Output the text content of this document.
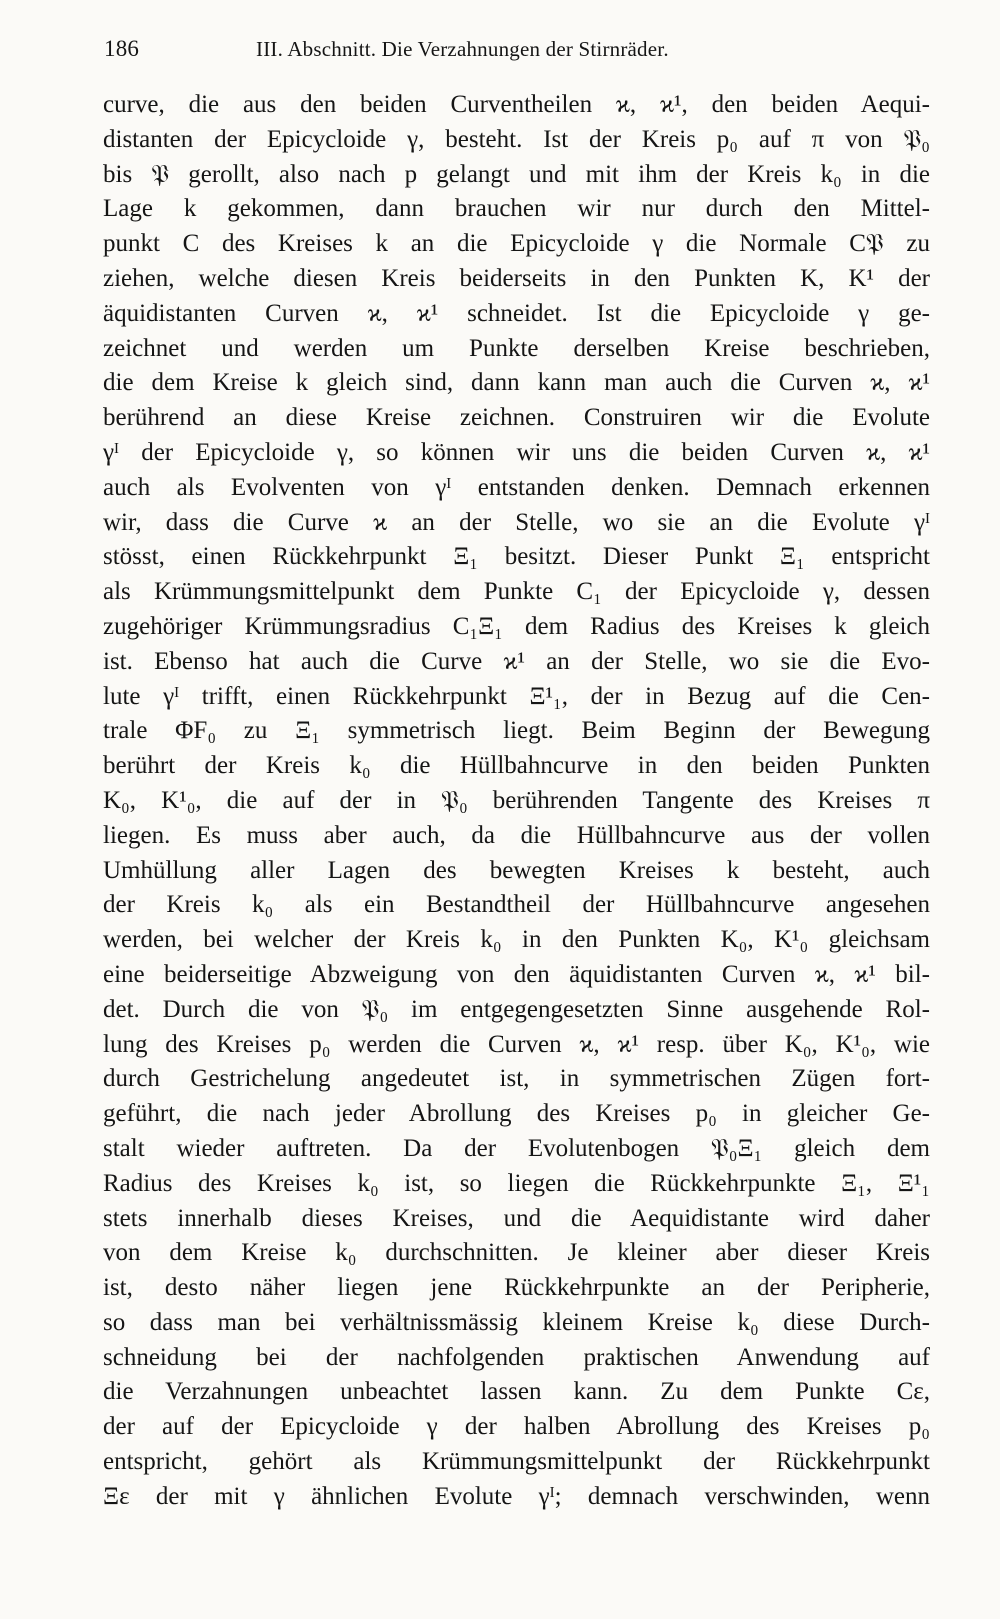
186	III. Abschnitt. Die Verzahnungen der Stirnräder.
curve, die aus den beiden Curventheilen ϰ, ϰ¹, den beiden Aequi-
distanten der Epicycloide γ, besteht. Ist der Kreis p₀ auf π von 𝔓₀
bis 𝔓 gerollt, also nach p gelangt und mit ihm der Kreis k₀ in die
Lage k gekommen, dann brauchen wir nur durch den Mittel-
punkt C des Kreises k an die Epicycloide γ die Normale C𝔓 zu
ziehen, welche diesen Kreis beiderseits in den Punkten K, K¹ der
äquidistanten Curven ϰ, ϰ¹ schneidet. Ist die Epicycloide γ ge-
zeichnet und werden um Punkte derselben Kreise beschrieben,
die dem Kreise k gleich sind, dann kann man auch die Curven ϰ, ϰ¹
berührend an diese Kreise zeichnen. Construiren wir die Evolute
γᴵ der Epicycloide γ, so können wir uns die beiden Curven ϰ, ϰ¹
auch als Evolventen von γᴵ entstanden denken. Demnach erkennen
wir, dass die Curve ϰ an der Stelle, wo sie an die Evolute γᴵ
stösst, einen Rückkehrpunkt Ξ₁ besitzt. Dieser Punkt Ξ₁ entspricht
als Krümmungsmittelpunkt dem Punkte C₁ der Epicycloide γ, dessen
zugehöriger Krümmungsradius C₁Ξ₁ dem Radius des Kreises k gleich
ist. Ebenso hat auch die Curve ϰ¹ an der Stelle, wo sie die Evo-
lute γᴵ trifft, einen Rückkehrpunkt Ξ¹₁, der in Bezug auf die Cen-
trale ΦF₀ zu Ξ₁ symmetrisch liegt. Beim Beginn der Bewegung
berührt der Kreis k₀ die Hüllbahncurve in den beiden Punkten
K₀, K¹₀, die auf der in 𝔓₀ berührenden Tangente des Kreises π
liegen. Es muss aber auch, da die Hüllbahncurve aus der vollen
Umhüllung aller Lagen des bewegten Kreises k besteht, auch
der Kreis k₀ als ein Bestandtheil der Hüllbahncurve angesehen
werden, bei welcher der Kreis k₀ in den Punkten K₀, K¹₀ gleichsam
eine beiderseitige Abzweigung von den äquidistanten Curven ϰ, ϰ¹ bil-
det. Durch die von 𝔓₀ im entgegengesetzten Sinne ausgehende Rol-
lung des Kreises p₀ werden die Curven ϰ, ϰ¹ resp. über K₀, K¹₀, wie
durch Gestrichelung angedeutet ist, in symmetrischen Zügen fort-
geführt, die nach jeder Abrollung des Kreises p₀ in gleicher Ge-
stalt wieder auftreten. Da der Evolutenbogen 𝔓₀Ξ₁ gleich dem
Radius des Kreises k₀ ist, so liegen die Rückkehrpunkte Ξ₁, Ξ¹₁
stets innerhalb dieses Kreises, und die Aequidistante wird daher
von dem Kreise k₀ durchschnitten. Je kleiner aber dieser Kreis
ist, desto näher liegen jene Rückkehrpunkte an der Peripherie,
so dass man bei verhältnissmässig kleinem Kreise k₀ diese Durch-
schneidung bei der nachfolgenden praktischen Anwendung auf
die Verzahnungen unbeachtet lassen kann. Zu dem Punkte Cε,
der auf der Epicycloide γ der halben Abrollung des Kreises p₀
entspricht, gehört als Krümmungsmittelpunkt der Rückkehrpunkt
Ξε der mit γ ähnlichen Evolute γᴵ; demnach verschwinden, wenn
